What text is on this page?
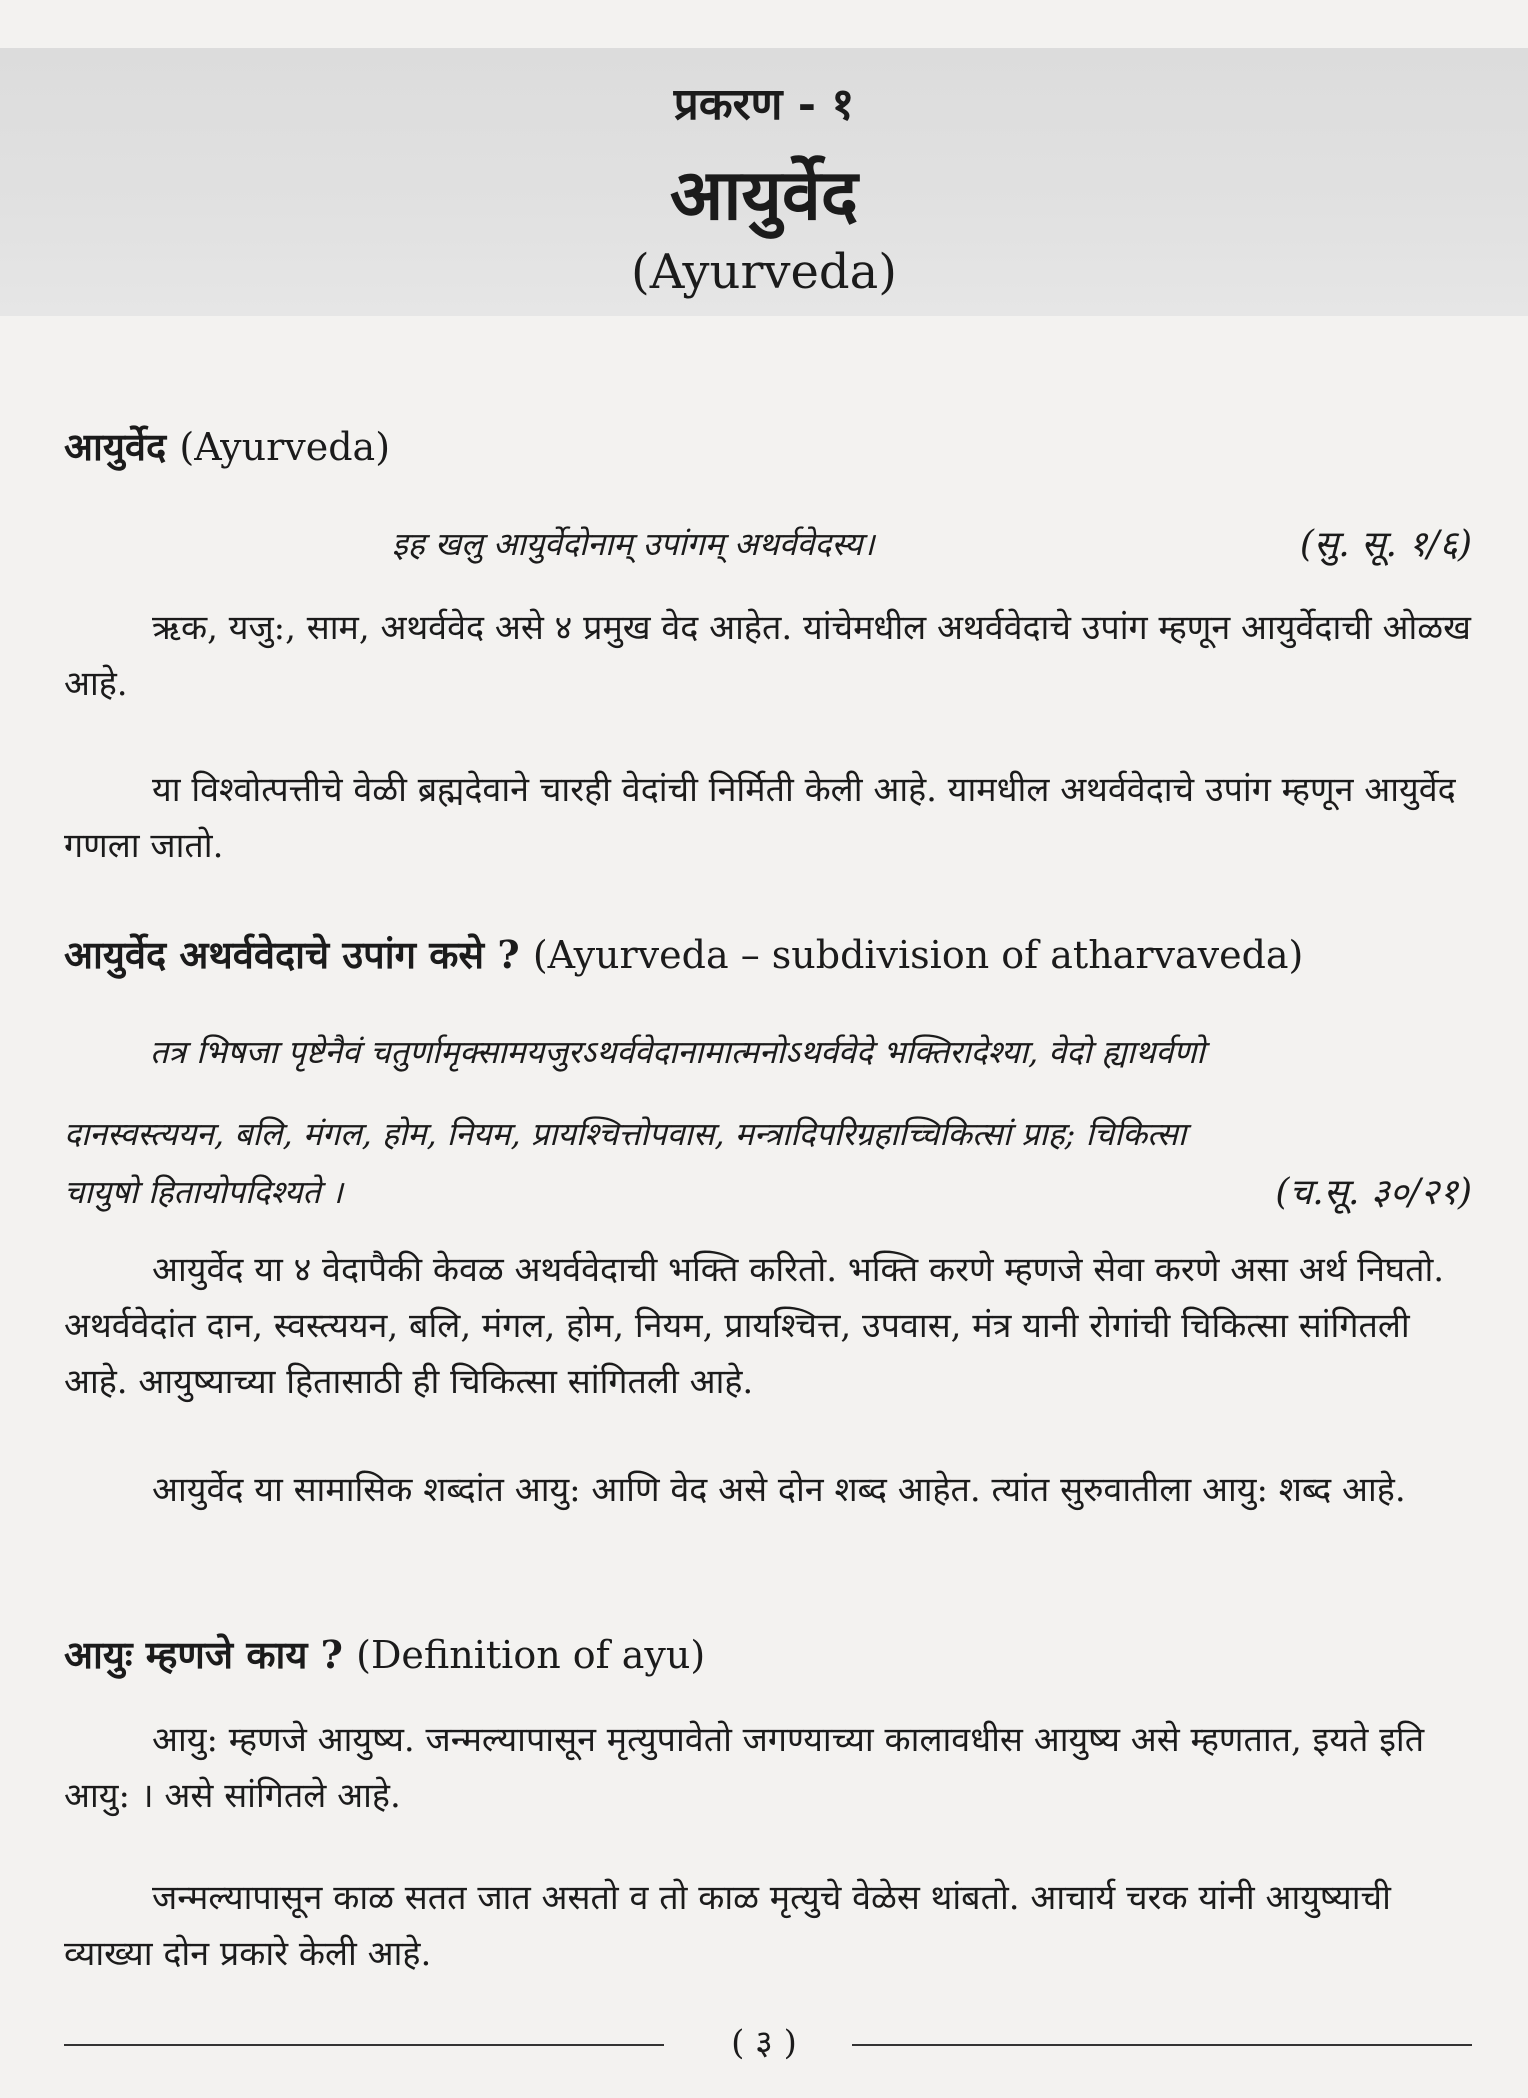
प्रकरण - १
आयुर्वेद
(Ayurveda)
आयुर्वेद (Ayurveda)
इह खलु आयुर्वेदोनाम् उपांगम् अथर्ववेदस्य।	(सु. सू. १/६)

ऋक, यजु:, साम, अथर्ववेद असे ४ प्रमुख वेद आहेत. यांचेमधील अथर्ववेदाचे उपांग म्हणून आयुर्वेदाची ओळख आहे.

या विश्वोत्पत्तीचे वेळी ब्रह्मदेवाने चारही वेदांची निर्मिती केली आहे. यामधील अथर्ववेदाचे उपांग म्हणून आयुर्वेद गणला जातो.

आयुर्वेद अथर्ववेदाचे उपांग कसे ? (Ayurveda – subdivision of atharvaveda)
तत्र भिषजा पृष्टेनैवं चतुर्णामृक्सामयजुरऽथर्ववेदानामात्मनोऽथर्ववेदे भक्तिरादेश्या, वेदो ह्याथर्वणो
दानस्वस्त्ययन, बलि, मंगल, होम, नियम, प्रायश्चित्तोपवास, मन्त्रादिपरिग्रहाच्चिकित्सां प्राह; चिकित्सा
चायुषो हितायोपदिश्यते ।	(च.सू. ३०/२१)

आयुर्वेद या ४ वेदापैकी केवळ अथर्ववेदाची भक्ति करितो. भक्ति करणे म्हणजे सेवा करणे असा अर्थ निघतो. अथर्ववेदांत दान, स्वस्त्ययन, बलि, मंगल, होम, नियम, प्रायश्चित्त, उपवास, मंत्र यानी रोगांची चिकित्सा सांगितली आहे. आयुष्याच्या हितासाठी ही चिकित्सा सांगितली आहे.

आयुर्वेद या सामासिक शब्दांत आयु: आणि वेद असे दोन शब्द आहेत. त्यांत सुरुवातीला आयु: शब्द आहे.

आयुः म्हणजे काय ? (Definition of ayu)

आयु: म्हणजे आयुष्य. जन्मल्यापासून मृत्युपावेतो जगण्याच्या कालावधीस आयुष्य असे म्हणतात, इयते इति आयु: । असे सांगितले आहे.

जन्मल्यापासून काळ सतत जात असतो व तो काळ मृत्युचे वेळेस थांबतो. आचार्य चरक यांनी आयुष्याची व्याख्या दोन प्रकारे केली आहे.

( ३ )
